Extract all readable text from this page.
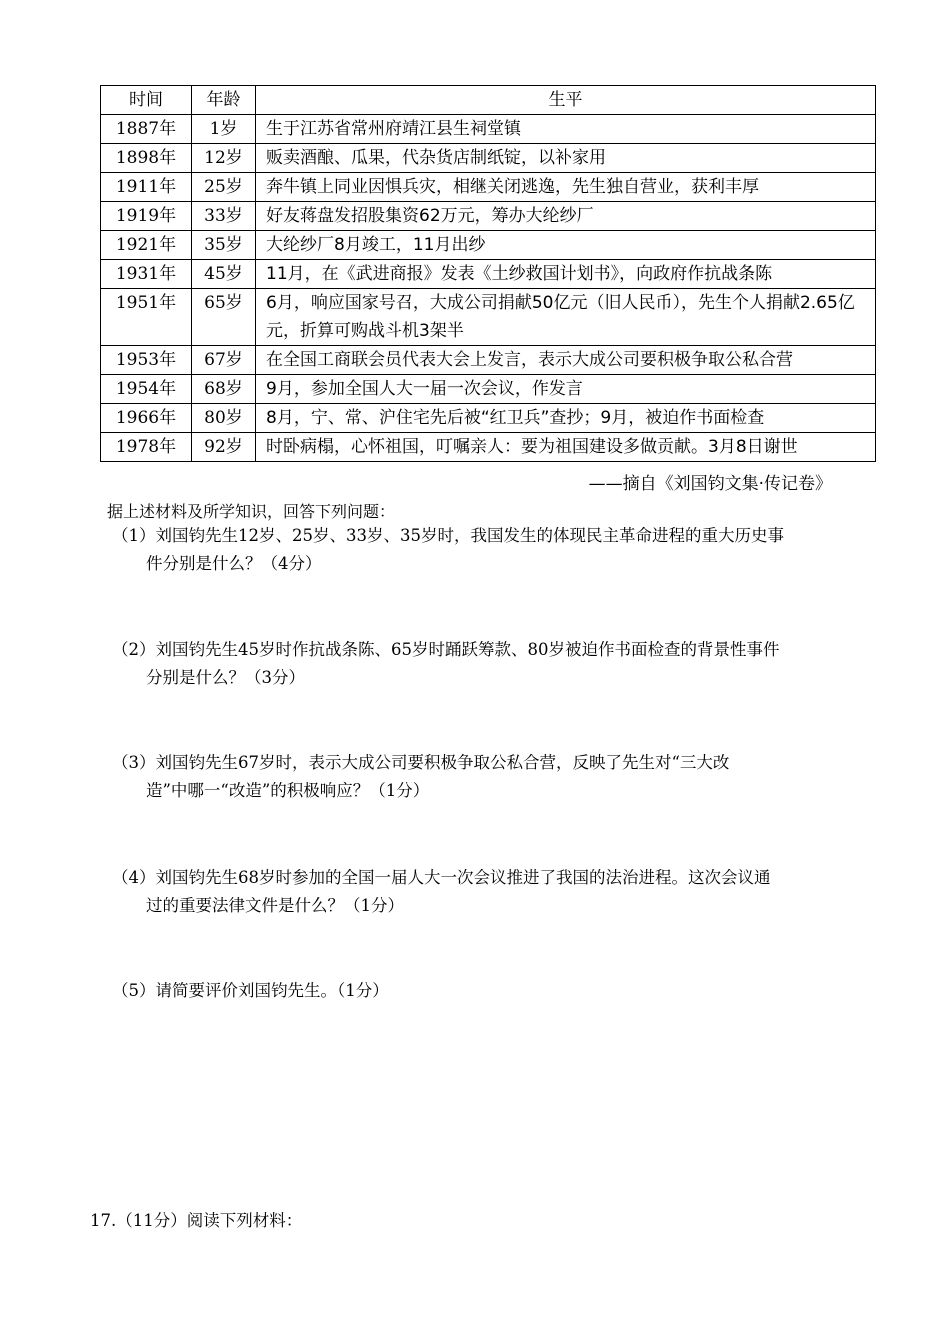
时间	年龄	生平
1887年	1岁	生于江苏省常州府靖江县生祠堂镇
1898年	12岁	贩卖酒酿、瓜果，代杂货店制纸锭，以补家用
1911年	25岁	奔牛镇上同业因惧兵灾，相继关闭逃逸，先生独自营业，获利丰厚
1919年	33岁	好友蒋盘发招股集资62万元，筹办大纶纱厂
1921年	35岁	大纶纱厂8月竣工，11月出纱
1931年	45岁	11月，在《武进商报》发表《土纱救国计划书》，向政府作抗战条陈
1951年	65岁	6月，响应国家号召，大成公司捐献50亿元（旧人民币），先生个人捐献2.65亿元，折算可购战斗机3架半
1953年	67岁	在全国工商联会员代表大会上发言，表示大成公司要积极争取公私合营
1954年	68岁	9月，参加全国人大一届一次会议，作发言
1966年	80岁	8月，宁、常、沪住宅先后被“红卫兵”查抄；9月，被迫作书面检查
1978年	92岁	时卧病榻，心怀祖国，叮嘱亲人：要为祖国建设多做贡献。3月8日谢世
——摘自《刘国钧文集·传记卷》
据上述材料及所学知识，回答下列问题：
（1）刘国钧先生12岁、25岁、33岁、35岁时，我国发生的体现民主革命进程的重大历史事
件分别是什么？（4分）
（2）刘国钧先生45岁时作抗战条陈、65岁时踊跃筹款、80岁被迫作书面检查的背景性事件
分别是什么？（3分）
（3）刘国钧先生67岁时，表示大成公司要积极争取公私合营，反映了先生对“三大改
造”中哪一“改造”的积极响应？（1分）
（4）刘国钧先生68岁时参加的全国一届人大一次会议推进了我国的法治进程。这次会议通
过的重要法律文件是什么？（1分）
（5）请简要评价刘国钧先生。（1分）
17.（11分）阅读下列材料：
